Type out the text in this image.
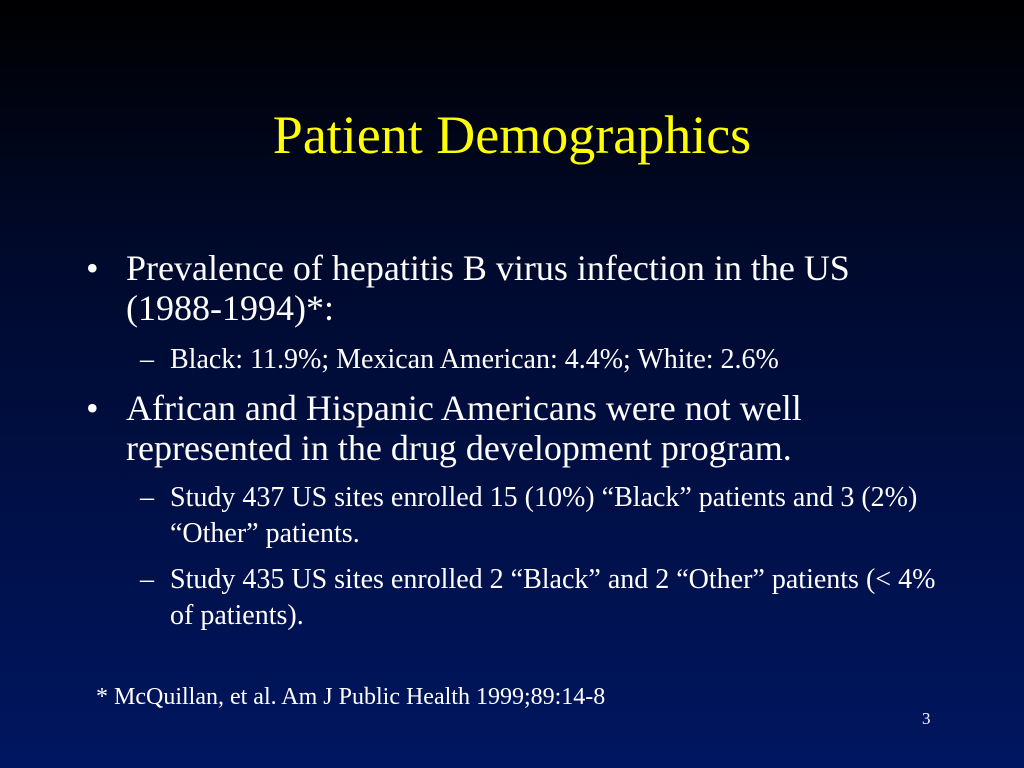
Patient Demographics
• Prevalence of hepatitis B virus infection in the US (1988-1994)*:
– Black: 11.9%; Mexican American: 4.4%; White: 2.6%
• African and Hispanic Americans were not well represented in the drug development program.
– Study 437 US sites enrolled 15 (10%) “Black” patients and 3 (2%) “Other” patients.
– Study 435 US sites enrolled 2 “Black” and 2 “Other” patients (< 4% of patients).
* McQuillan, et al. Am J Public Health 1999;89:14-8
3
